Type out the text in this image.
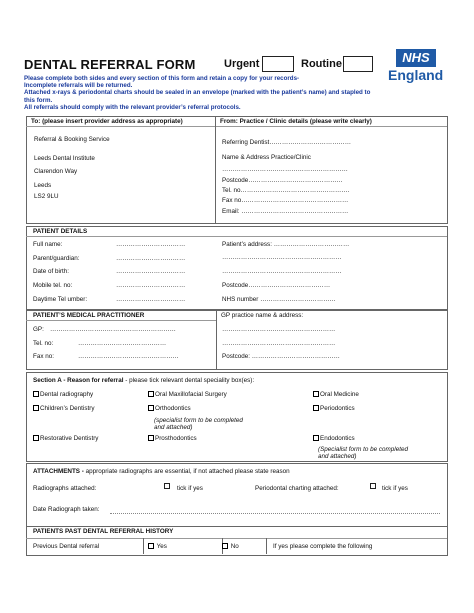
DENTAL REFERRAL FORM	Urgent	Routine	NHS
England
Please complete both sides and every section of this form and retain a copy for your records-
Incomplete referrals will be returned.
Attached x-rays & periodontal charts should be sealed in an envelope (marked with the patient’s name) and stapled to
this form.
All referrals should comply with the relevant provider’s referral protocols.
To: (please insert provider address as appropriate)	From: Practice / Clinic details (please write clearly)
Referral & Booking Service
Leeds Dental Institute
Clarendon Way
Leeds
LS2 9LU
Referring Dentist…………………………………
Name & Address Practice/Clinic
……………………………………………………
Postcode………………………………………
Tel. no…………………………………………….
Fax no……………………………………………
Email: ……………………………………………
PATIENT DETAILS
Full name:	……………………………
Parent/guardian:	……………………………
Date of birth:	……………………………
Mobile tel. no:	……………………………
Daytime Tel umber:	……………………………
Patient’s address: ………………………………
…………………………………………………
…………………………………………………
Postcode…………………………………
NHS number ………………………………
PATIENT’S MEDICAL PRACTITIONER
GP: ……………………………………………………
Tel. no:	……………………………………
Fax no:	…………………………………………
GP practice name & address:
………………………………………………
………………………………………………
Postcode: ……………………………………
Section A - Reason for referral - please tick relevant dental speciality box(es):
Dental radiography	Oral Maxillofacial Surgery	Oral Medicine
Children’s Dentistry	Orthodontics	Periodontics
(specialist form to be completed
and attached)
Restorative Dentistry	Prosthodontics	Endodontics
(Specialist form to be completed
and attached)
ATTACHMENTS - appropriate radiographs are essential, if not attached please state reason
Radiographs attached:	tick if yes	Periodontal charting attached:	tick if yes
Date Radiograph taken:
PATIENTS PAST DENTAL REFERRAL HISTORY
Previous Dental referral	Yes	No	If yes please complete the following
